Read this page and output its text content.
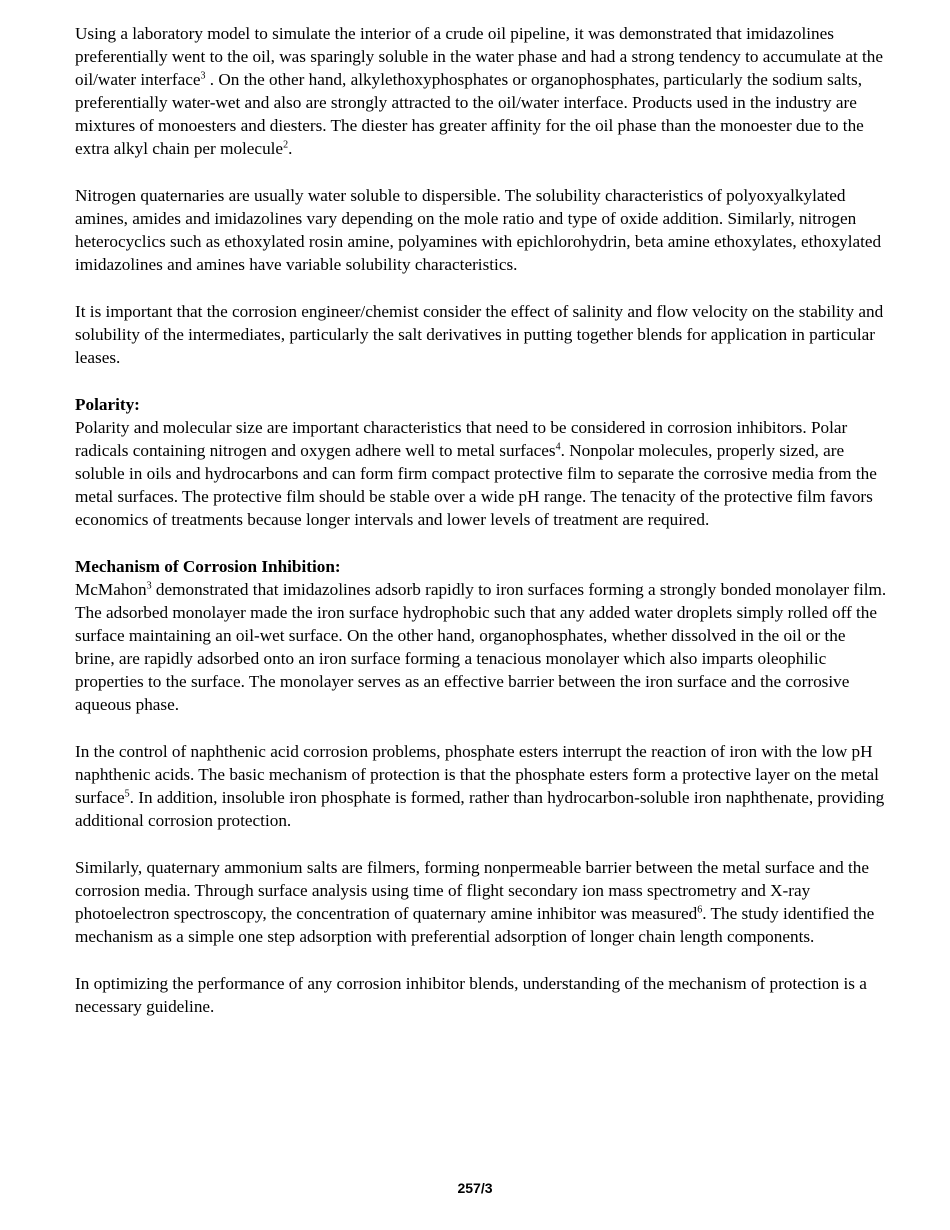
Using a laboratory model to simulate the interior of a crude oil pipeline, it was demonstrated that imidazolines preferentially went to the oil, was sparingly soluble in the water phase and had a strong tendency to accumulate at the oil/water interface$^3$ . On the other hand, alkylethoxyphosphates or organophosphates, particularly the sodium salts, preferentially water-wet and also are strongly attracted to the oil/water interface. Products used in the industry are mixtures of monoesters and diesters. The diester has greater affinity for the oil phase than the monoester due to the extra alkyl chain per molecule$^2$.

Nitrogen quaternaries are usually water soluble to dispersible. The solubility characteristics of polyoxyalkylated amines, amides and imidazolines vary depending on the mole ratio and type of oxide addition. Similarly, nitrogen heterocyclics such as ethoxylated rosin amine, polyamines with epichlorohydrin, beta amine ethoxylates, ethoxylated imidazolines and amines have variable solubility characteristics.

It is important that the corrosion engineer/chemist consider the effect of salinity and flow velocity on the stability and solubility of the intermediates, particularly the salt derivatives in putting together blends for application in particular leases.

Polarity:

Polarity and molecular size are important characteristics that need to be considered in corrosion inhibitors. Polar radicals containing nitrogen and oxygen adhere well to metal surfaces$^4$. Nonpolar molecules, properly sized, are soluble in oils and hydrocarbons and can form firm compact protective film to separate the corrosive media from the metal surfaces. The protective film should be stable over a wide pH range. The tenacity of the protective film favors economics of treatments because longer intervals and lower levels of treatment are required.

Mechanism of Corrosion Inhibition:

McMahon$^3$ demonstrated that imidazolines adsorb rapidly to iron surfaces forming a strongly bonded monolayer film. The adsorbed monolayer made the iron surface hydrophobic such that any added water droplets simply rolled off the surface maintaining an oil-wet surface. On the other hand, organophosphates, whether dissolved in the oil or the brine, are rapidly adsorbed onto an iron surface forming a tenacious monolayer which also imparts oleophilic properties to the surface. The monolayer serves as an effective barrier between the iron surface and the corrosive aqueous phase.

In the control of naphthenic acid corrosion problems, phosphate esters interrupt the reaction of iron with the low pH naphthenic acids. The basic mechanism of protection is that the phosphate esters form a protective layer on the metal surface$^5$. In addition, insoluble iron phosphate is formed, rather than hydrocarbon-soluble iron naphthenate, providing additional corrosion protection.

Similarly, quaternary ammonium salts are filmers, forming nonpermeable barrier between the metal surface and the corrosion media. Through surface analysis using time of flight secondary ion mass spectrometry and X-ray photoelectron spectroscopy, the concentration of quaternary amine inhibitor was measured$^6$. The study identified the mechanism as a simple one step adsorption with preferential adsorption of longer chain length components.

In optimizing the performance of any corrosion inhibitor blends, understanding of the mechanism of protection is a necessary guideline.

257/3
